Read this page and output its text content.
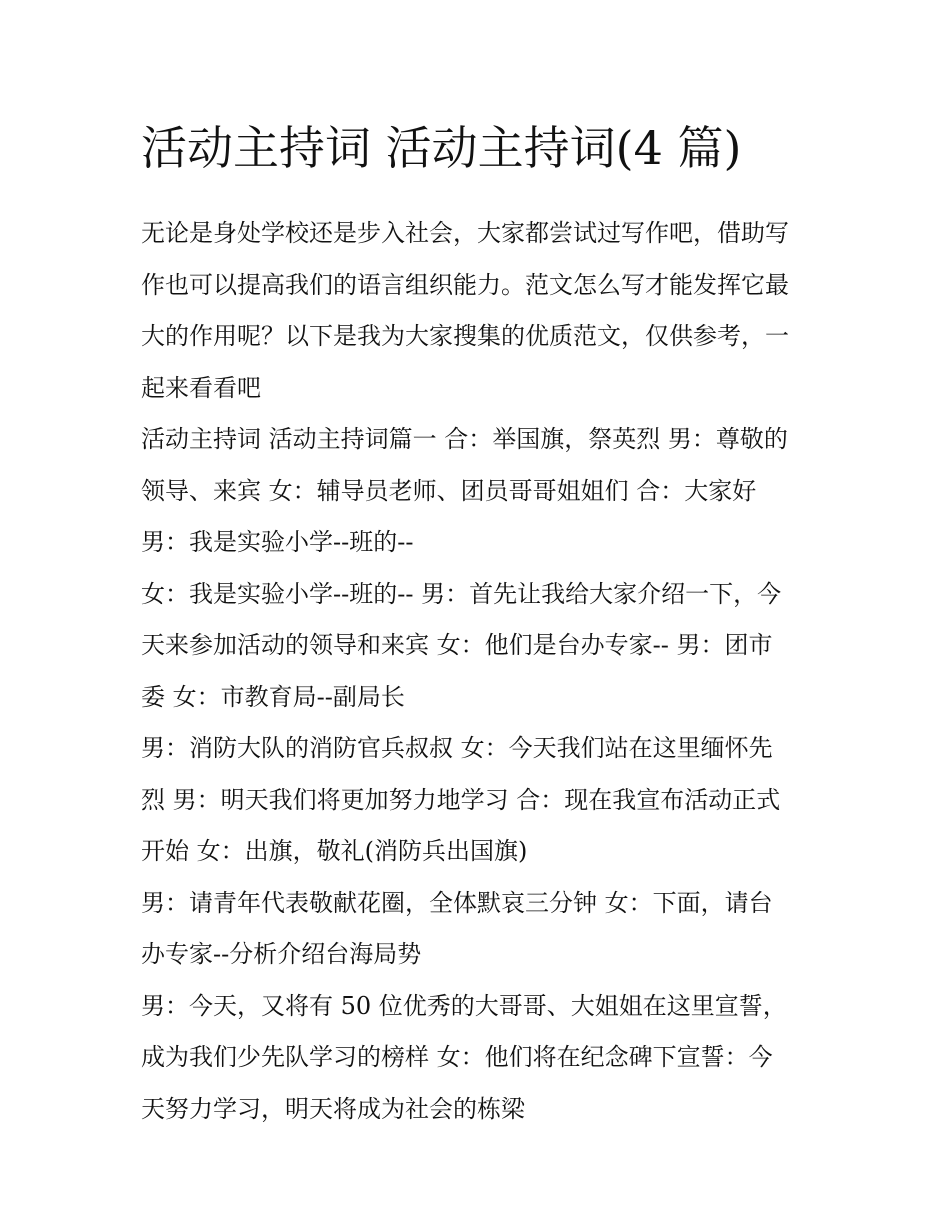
活动主持词 活动主持词(4 篇)

无论是身处学校还是步入社会，大家都尝试过写作吧，借助写

作也可以提高我们的语言组织能力。范文怎么写才能发挥它最

大的作用呢？以下是我为大家搜集的优质范文，仅供参考，一

起来看看吧

活动主持词 活动主持词篇一 合：举国旗，祭英烈 男：尊敬的

领导、来宾 女：辅导员老师、团员哥哥姐姐们 合：大家好

男：我是实验小学--班的--

女：我是实验小学--班的-- 男：首先让我给大家介绍一下，今

天来参加活动的领导和来宾 女：他们是台办专家-- 男：团市

委 女：市教育局--副局长

男：消防大队的消防官兵叔叔 女：今天我们站在这里缅怀先

烈 男：明天我们将更加努力地学习 合：现在我宣布活动正式

开始 女：出旗，敬礼(消防兵出国旗)

男：请青年代表敬献花圈，全体默哀三分钟 女：下面，请台

办专家--分析介绍台海局势

男：今天，又将有 50 位优秀的大哥哥、大姐姐在这里宣誓，

成为我们少先队学习的榜样 女：他们将在纪念碑下宣誓：今

天努力学习，明天将成为社会的栋梁
